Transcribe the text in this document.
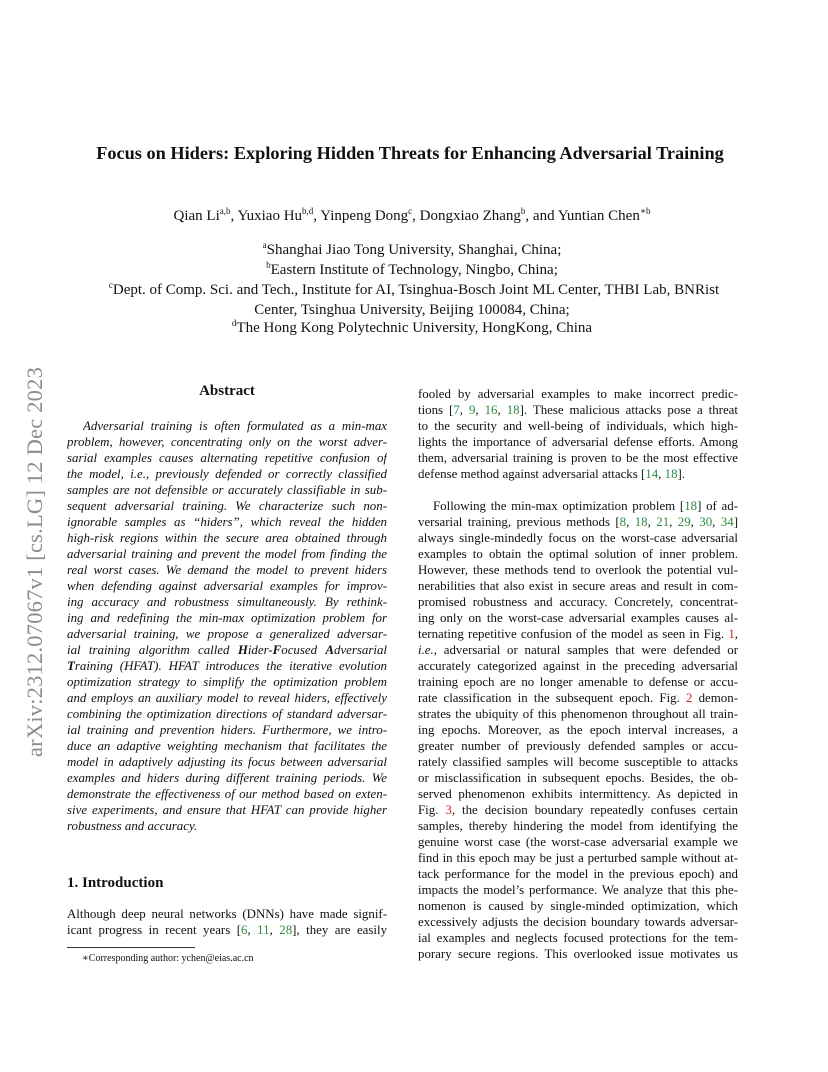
arXiv:2312.07067v1 [cs.LG] 12 Dec 2023
Focus on Hiders: Exploring Hidden Threats for Enhancing Adversarial Training
Qian Li$^{a,b}$, Yuxiao Hu$^{b,d}$, Yinpeng Dong$^c$, Dongxiao Zhang$^b$, and Yuntian Chen$^{∗b}$
$^a$Shanghai Jiao Tong University, Shanghai, China;
$^b$Eastern Institute of Technology, Ningbo, China;
$^c$Dept. of Comp. Sci. and Tech., Institute for AI, Tsinghua-Bosch Joint ML Center, THBI Lab, BNRist
Center, Tsinghua University, Beijing 100084, China;
$^d$The Hong Kong Polytechnic University, HongKong, China
Abstract
Adversarial training is often formulated as a min-max
problem, however, concentrating only on the worst adver-
sarial examples causes alternating repetitive confusion of
the model, i.e., previously defended or correctly classified
samples are not defensible or accurately classifiable in sub-
sequent adversarial training. We characterize such non-
ignorable samples as “hiders”, which reveal the hidden
high-risk regions within the secure area obtained through
adversarial training and prevent the model from finding the
real worst cases. We demand the model to prevent hiders
when defending against adversarial examples for improv-
ing accuracy and robustness simultaneously. By rethink-
ing and redefining the min-max optimization problem for
adversarial training, we propose a generalized adversar-
ial training algorithm called Hider-Focused Adversarial
Training (HFAT). HFAT introduces the iterative evolution
optimization strategy to simplify the optimization problem
and employs an auxiliary model to reveal hiders, effectively
combining the optimization directions of standard adversar-
ial training and prevention hiders. Furthermore, we intro-
duce an adaptive weighting mechanism that facilitates the
model in adaptively adjusting its focus between adversarial
examples and hiders during different training periods. We
demonstrate the effectiveness of our method based on exten-
sive experiments, and ensure that HFAT can provide higher
robustness and accuracy.
1. Introduction
Although deep neural networks (DNNs) have made signif-
icant progress in recent years [6, 11, 28], they are easily
∗Corresponding author: ychen@eias.ac.cn
fooled by adversarial examples to make incorrect predic-
tions [7, 9, 16, 18]. These malicious attacks pose a threat
to the security and well-being of individuals, which high-
lights the importance of adversarial defense efforts. Among
them, adversarial training is proven to be the most effective
defense method against adversarial attacks [14, 18].
Following the min-max optimization problem [18] of ad-
versarial training, previous methods [8, 18, 21, 29, 30, 34]
always single-mindedly focus on the worst-case adversarial
examples to obtain the optimal solution of inner problem.
However, these methods tend to overlook the potential vul-
nerabilities that also exist in secure areas and result in com-
promised robustness and accuracy. Concretely, concentrat-
ing only on the worst-case adversarial examples causes al-
ternating repetitive confusion of the model as seen in Fig. 1,
i.e., adversarial or natural samples that were defended or
accurately categorized against in the preceding adversarial
training epoch are no longer amenable to defense or accu-
rate classification in the subsequent epoch. Fig. 2 demon-
strates the ubiquity of this phenomenon throughout all train-
ing epochs. Moreover, as the epoch interval increases, a
greater number of previously defended samples or accu-
rately classified samples will become susceptible to attacks
or misclassification in subsequent epochs. Besides, the ob-
served phenomenon exhibits intermittency. As depicted in
Fig. 3, the decision boundary repeatedly confuses certain
samples, thereby hindering the model from identifying the
genuine worst case (the worst-case adversarial example we
find in this epoch may be just a perturbed sample without at-
tack performance for the model in the previous epoch) and
impacts the model’s performance. We analyze that this phe-
nomenon is caused by single-minded optimization, which
excessively adjusts the decision boundary towards adversar-
ial examples and neglects focused protections for the tem-
porary secure regions. This overlooked issue motivates us
